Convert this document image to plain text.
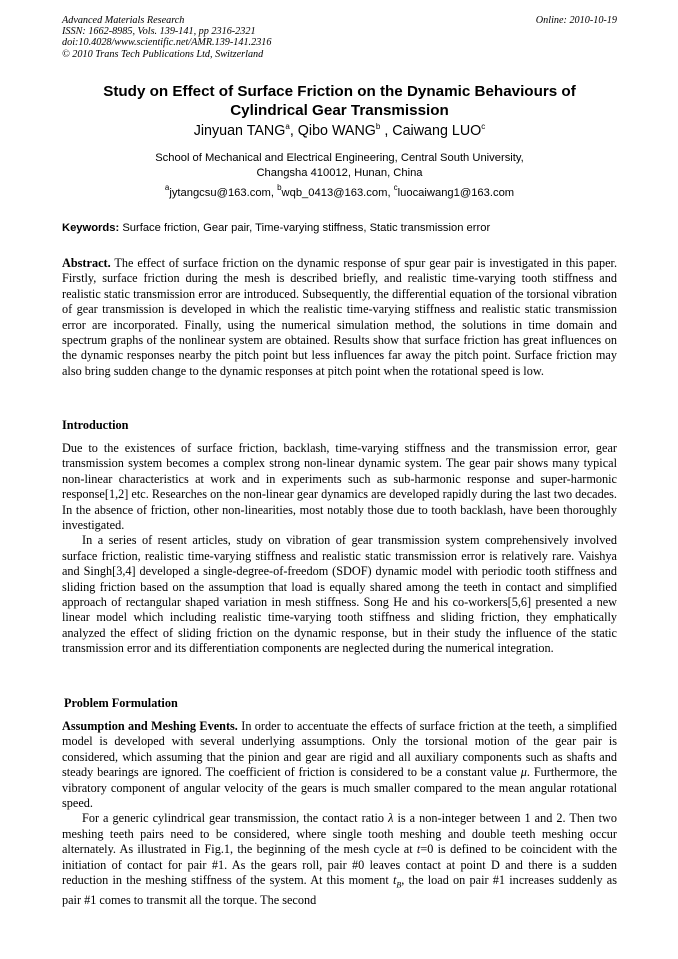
Advanced Materials Research
ISSN: 1662-8985, Vols. 139-141, pp 2316-2321
doi:10.4028/www.scientific.net/AMR.139-141.2316
© 2010 Trans Tech Publications Ltd, Switzerland
Online: 2010-10-19
Study on Effect of Surface Friction on the Dynamic Behaviours of
Cylindrical Gear Transmission
Jinyuan TANG$^a$, Qibo WANG$^b$ , Caiwang LUO$^c$
School of Mechanical and Electrical Engineering, Central South University,
Changsha 410012, Hunan, China
$^a$jytangcsu@163.com, $^b$wqb_0413@163.com, $^c$luocaiwang1@163.com
Keywords: Surface friction, Gear pair, Time-varying stiffness, Static transmission error

Abstract. The effect of surface friction on the dynamic response of spur gear pair is investigated in this paper. Firstly, surface friction during the mesh is described briefly, and realistic time-varying tooth stiffness and realistic static transmission error are introduced. Subsequently, the differential equation of the torsional vibration of gear transmission is developed in which the realistic time-varying stiffness and realistic static transmission error are incorporated. Finally, using the numerical simulation method, the solutions in time domain and spectrum graphs of the nonlinear system are obtained. Results show that surface friction has great influences on the dynamic responses nearby the pitch point but less influences far away the pitch point. Surface friction may also bring sudden change to the dynamic responses at pitch point when the rotational speed is low.

Introduction

Due to the existences of surface friction, backlash, time-varying stiffness and the transmission error, gear transmission system becomes a complex strong non-linear dynamic system. The gear pair shows many typical non-linear characteristics at work and in experiments such as sub-harmonic response and super-harmonic response[1,2] etc. Researches on the non-linear gear dynamics are developed rapidly during the last two decades. In the absence of friction, other non-linearities, most notably those due to tooth backlash, have been thoroughly investigated.

In a series of resent articles, study on vibration of gear transmission system comprehensively involved surface friction, realistic time-varying stiffness and realistic static transmission error is relatively rare. Vaishya and Singh[3,4] developed a single-degree-of-freedom (SDOF) dynamic model with periodic tooth stiffness and sliding friction based on the assumption that load is equally shared among the teeth in contact and simplified approach of rectangular shaped variation in mesh stiffness. Song He and his co-workers[5,6] presented a new linear model which including realistic time-varying tooth stiffness and sliding friction, they emphatically analyzed the effect of sliding friction on the dynamic response, but in their study the influence of the static transmission error and its differentiation components are neglected during the numerical integration.

Problem Formulation

Assumption and Meshing Events. In order to accentuate the effects of surface friction at the teeth, a simplified model is developed with several underlying assumptions. Only the torsional motion of the gear pair is considered, which assuming that the pinion and gear are rigid and all auxiliary components such as shafts and steady bearings are ignored. The coefficient of friction is considered to be a constant value μ. Furthermore, the vibratory component of angular velocity of the gears is much smaller compared to the mean angular rotational speed.

For a generic cylindrical gear transmission, the contact ratio λ is a non-integer between 1 and 2. Then two meshing teeth pairs need to be considered, where single tooth meshing and double teeth meshing occur alternately. As illustrated in Fig.1, the beginning of the mesh cycle at t=0 is defined to be coincident with the initiation of contact for pair #1. As the gears roll, pair #0 leaves contact at point D and there is a sudden reduction in the meshing stiffness of the system. At this moment $t_B$, the load on pair #1 increases suddenly as pair #1 comes to transmit all the torque. The second
